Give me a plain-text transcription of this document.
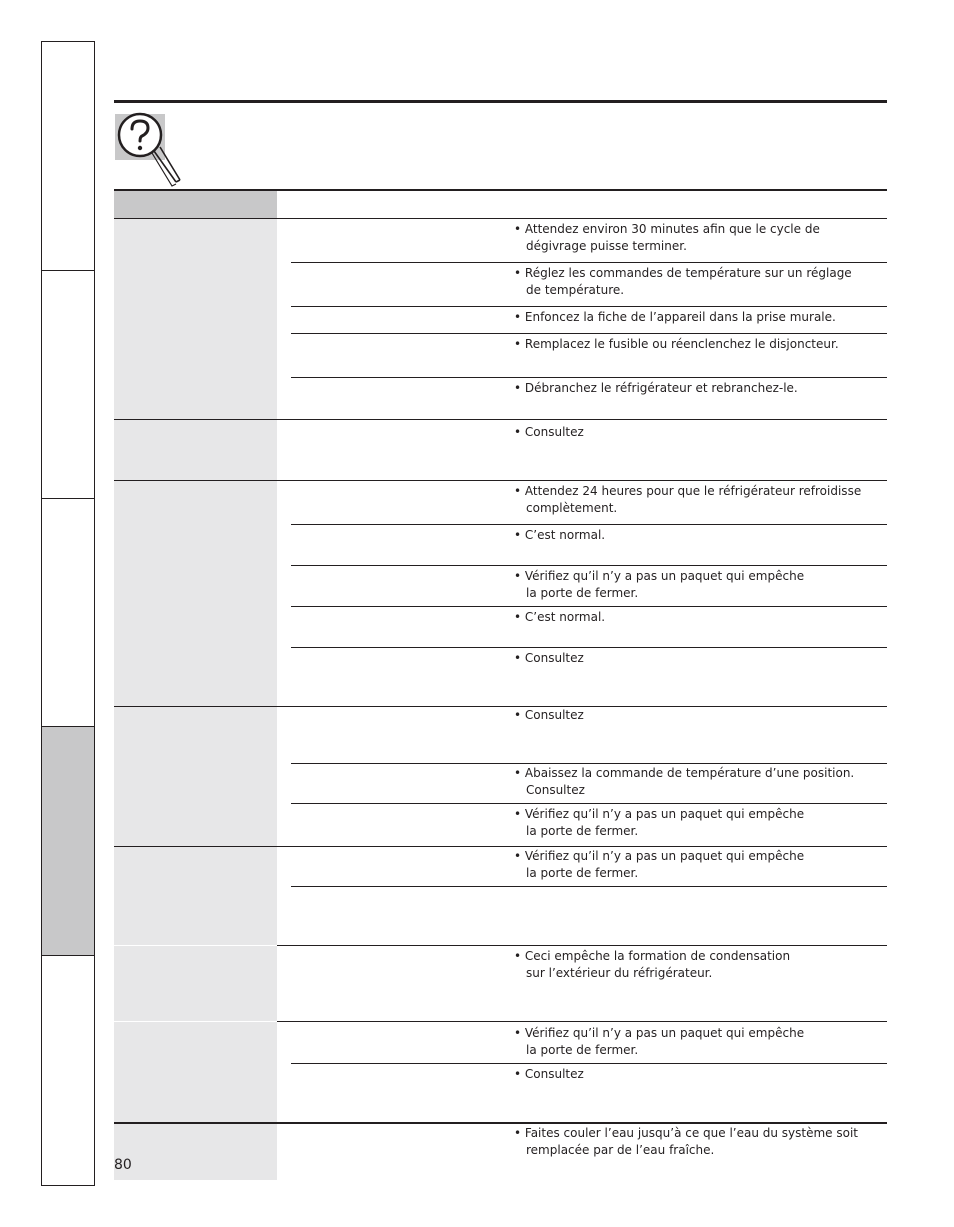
• Attendez environ 30 minutes afin que le cycle de
dégivrage puisse terminer.
• Réglez les commandes de température sur un réglage
de température.
• Enfoncez la fiche de l’appareil dans la prise murale.
• Remplacez le fusible ou réenclenchez le disjoncteur.
• Débranchez le réfrigérateur et rebranchez-le.
• Consultez
• Attendez 24 heures pour que le réfrigérateur refroidisse
complètement.
• C’est normal.
• Vérifiez qu’il n’y a pas un paquet qui empêche
la porte de fermer.
• C’est normal.
• Consultez
• Consultez
• Abaissez la commande de température d’une position.
Consultez
• Vérifiez qu’il n’y a pas un paquet qui empêche
la porte de fermer.
• Vérifiez qu’il n’y a pas un paquet qui empêche
la porte de fermer.
• Ceci empêche la formation de condensation
sur l’extérieur du réfrigérateur.
• Vérifiez qu’il n’y a pas un paquet qui empêche
la porte de fermer.
• Consultez
• Faites couler l’eau jusqu’à ce que l’eau du système soit
remplacée par de l’eau fraîche.
80
